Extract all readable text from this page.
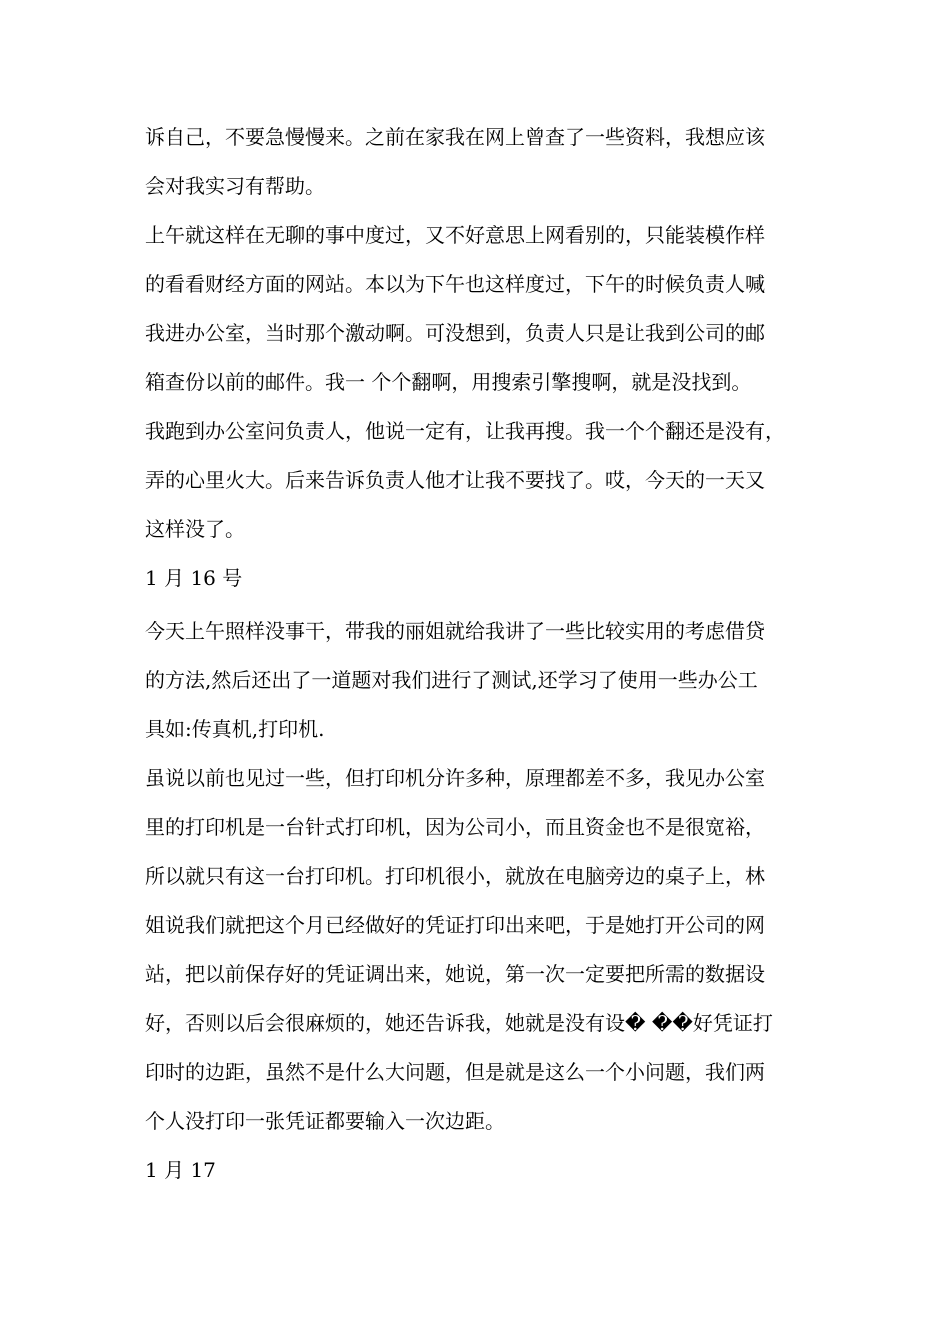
诉自己，不要急慢慢来。之前在家我在网上曾查了一些资料，我想应该
会对我实习有帮助。
上午就这样在无聊的事中度过，又不好意思上网看别的，只能装模作样
的看看财经方面的网站。本以为下午也这样度过，下午的时候负责人喊
我进办公室，当时那个激动啊。可没想到，负责人只是让我到公司的邮
箱查份以前的邮件。我一 个个翻啊，用搜索引擎搜啊，就是没找到。
我跑到办公室问负责人，他说一定有，让我再搜。我一个个翻还是没有，
弄的心里火大。后来告诉负责人他才让我不要找了。哎，今天的一天又
这样没了。
1 月 16 号
今天上午照样没事干，带我的丽姐就给我讲了一些比较实用的考虑借贷
的方法,然后还出了一道题对我们进行了测试,还学习了使用一些办公工
具如:传真机,打印机.
虽说以前也见过一些，但打印机分许多种，原理都差不多，我见办公室
里的打印机是一台针式打印机，因为公司小，而且资金也不是很宽裕，
所以就只有这一台打印机。打印机很小，就放在电脑旁边的桌子上，林
姐说我们就把这个月已经做好的凭证打印出来吧，于是她打开公司的网
站，把以前保存好的凭证调出来，她说，第一次一定要把所需的数据设
好，否则以后会很麻烦的，她还告诉我，她就是没有设� ��好凭证打
印时的边距，虽然不是什么大问题，但是就是这么一个小问题，我们两
个人没打印一张凭证都要输入一次边距。
1 月 17
